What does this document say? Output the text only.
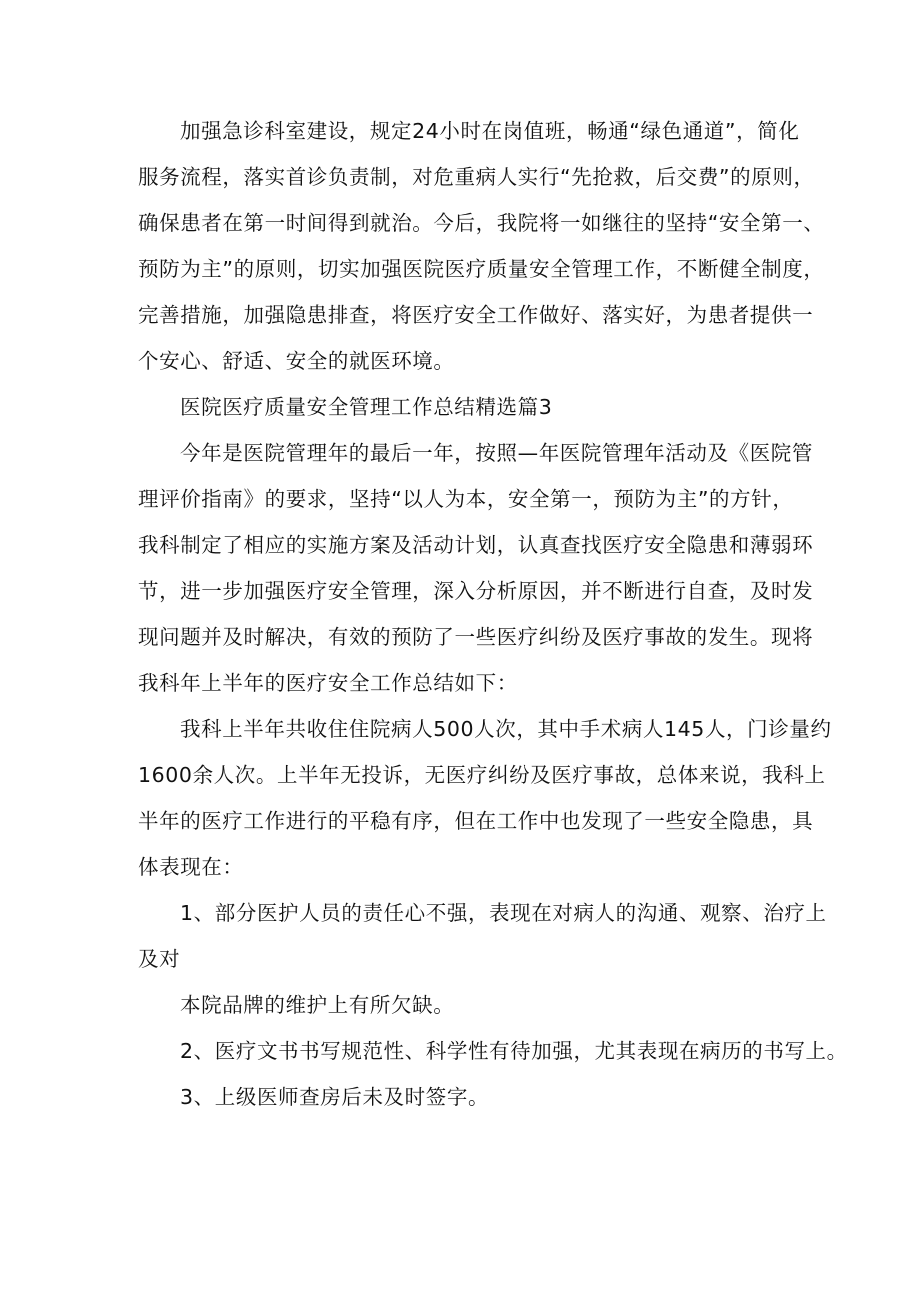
加强急诊科室建设，规定24小时在岗值班，畅通“绿色通道”，简化
服务流程，落实首诊负责制，对危重病人实行“先抢救，后交费”的原则，
确保患者在第一时间得到就治。今后，我院将一如继往的坚持“安全第一、
预防为主”的原则，切实加强医院医疗质量安全管理工作，不断健全制度，
完善措施，加强隐患排查，将医疗安全工作做好、落实好，为患者提供一
个安心、舒适、安全的就医环境。
医院医疗质量安全管理工作总结精选篇3
今年是医院管理年的最后一年，按照—年医院管理年活动及《医院管
理评价指南》的要求，坚持“以人为本，安全第一，预防为主”的方针，
我科制定了相应的实施方案及活动计划，认真查找医疗安全隐患和薄弱环
节，进一步加强医疗安全管理，深入分析原因，并不断进行自查，及时发
现问题并及时解决，有效的预防了一些医疗纠纷及医疗事故的发生。现将
我科年上半年的医疗安全工作总结如下：
我科上半年共收住住院病人500人次，其中手术病人145人，门诊量约
1600余人次。上半年无投诉，无医疗纠纷及医疗事故，总体来说，我科上
半年的医疗工作进行的平稳有序，但在工作中也发现了一些安全隐患，具
体表现在：
1、部分医护人员的责任心不强，表现在对病人的沟通、观察、治疗上
及对
本院品牌的维护上有所欠缺。
2、医疗文书书写规范性、科学性有待加强，尤其表现在病历的书写上。
3、上级医师查房后未及时签字。
